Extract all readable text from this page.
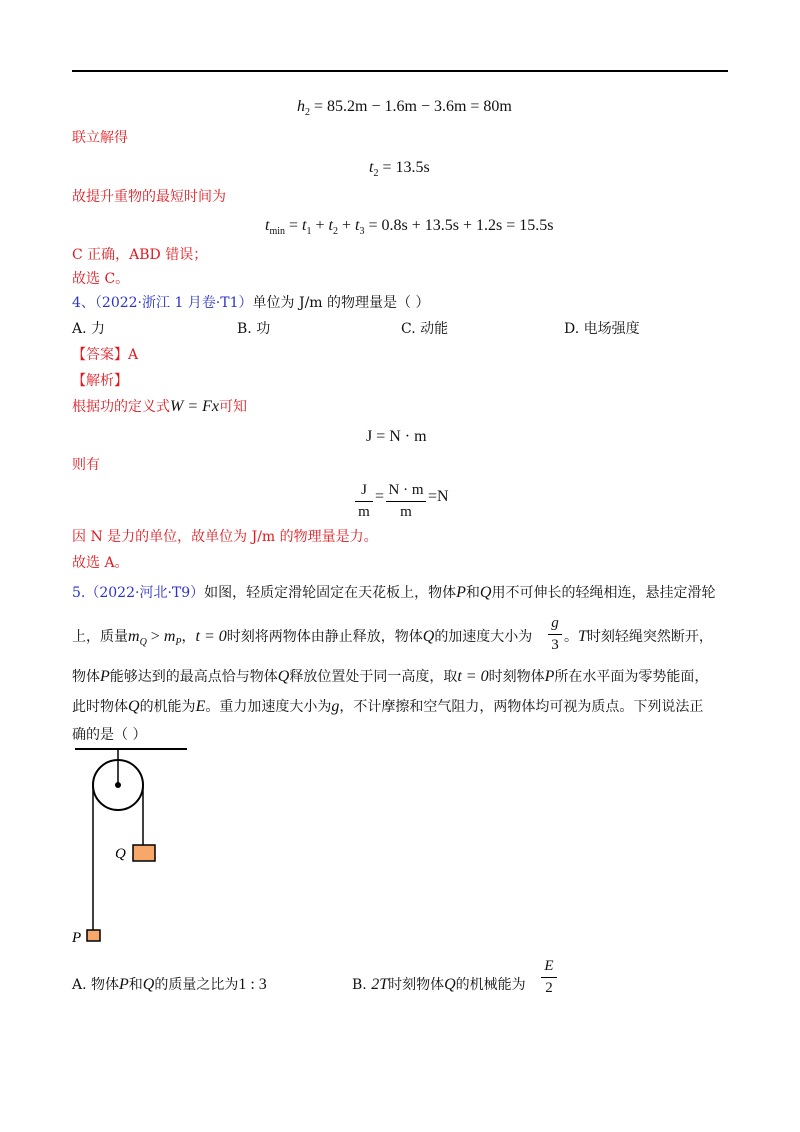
$h_2 = 85.2m - 1.6m - 3.6m = 80m$
联立解得
$t_2 = 13.5s$
故提升重物的最短时间为
$t_{min} = t_1 + t_2 + t_3 = 0.8s + 13.5s + 1.2s = 15.5s$
C 正确，ABD 错误；
故选 C。
4、（2022·浙江 1 月卷·T1）单位为 J/m 的物理量是（ ）
A. 力	B. 功	C. 动能	D. 电场强度
【答案】A
【解析】
根据功的定义式W = Fx可知
J = N · m
则有
J
m
= N · m
m
=N
因 N 是力的单位，故单位为 J/m 的物理量是力。
故选 A。
5.（2022·河北·T9）如图，轻质定滑轮固定在天花板上，物体P和Q用不可伸长的轻绳相连，悬挂定滑轮
上，质量$m_Q > m_P$，t = 0时刻将两物体由静止释放，物体Q的加速度大小为
g
3 。T时刻轻绳突然断开，
物体P能够达到的最高点恰与物体Q释放位置处于同一高度，取t = 0时刻物体P所在水平面为零势能面，
此时物体Q的机能为E。重力加速度大小为g，不计摩擦和空气阻力，两物体均可视为质点。下列说法正
确的是（ ）
Q
P
A. 物体P和Q的质量之比为1 : 3	B. 2T时刻物体Q的机械能为
E
2
